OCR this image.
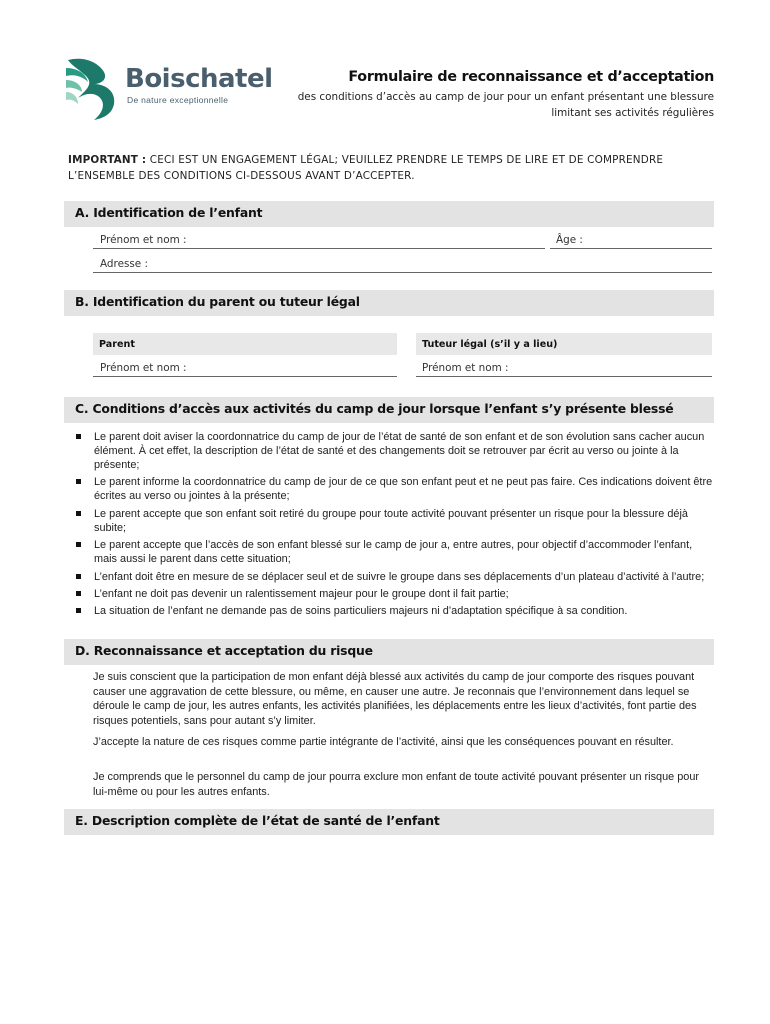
Boischatel
De nature exceptionnelle
Formulaire de reconnaissance et d’acceptation
des conditions d’accès au camp de jour pour un enfant présentant une blessure limitant ses activités régulières
IMPORTANT : CECI EST UN ENGAGEMENT LÉGAL; VEUILLEZ PRENDRE LE TEMPS DE LIRE ET DE COMPRENDRE L’ENSEMBLE DES CONDITIONS CI-DESSOUS AVANT D’ACCEPTER.
A. Identification de l’enfant
Prénom et nom :	Âge :
Adresse :
B. Identification du parent ou tuteur légal
Parent	Tuteur légal (s’il y a lieu)
Prénom et nom :	Prénom et nom :
C. Conditions d’accès aux activités du camp de jour lorsque l’enfant s’y présente blessé
Le parent doit aviser la coordonnatrice du camp de jour de l’état de santé de son enfant et de son évolution sans cacher aucun élément. À cet effet, la description de l’état de santé et des changements doit se retrouver par écrit au verso ou jointe à la présente;
Le parent informe la coordonnatrice du camp de jour de ce que son enfant peut et ne peut pas faire. Ces indications doivent être écrites au verso ou jointes à la présente;
Le parent accepte que son enfant soit retiré du groupe pour toute activité pouvant présenter un risque pour la blessure déjà subite;
Le parent accepte que l’accès de son enfant blessé sur le camp de jour a, entre autres, pour objectif d’accommoder l’enfant, mais aussi le parent dans cette situation;
L’enfant doit être en mesure de se déplacer seul et de suivre le groupe dans ses déplacements d’un plateau d’activité à l’autre;
L’enfant ne doit pas devenir un ralentissement majeur pour le groupe dont il fait partie;
La situation de l’enfant ne demande pas de soins particuliers majeurs ni d’adaptation spécifique à sa condition.
D. Reconnaissance et acceptation du risque

Je suis conscient que la participation de mon enfant déjà blessé aux activités du camp de jour comporte des risques pouvant causer une aggravation de cette blessure, ou même, en causer une autre. Je reconnais que l’environnement dans lequel se déroule le camp de jour, les autres enfants, les activités planifiées, les déplacements entre les lieux d’activités, font partie des risques potentiels, sans pour autant s’y limiter.

J’accepte la nature de ces risques comme partie intégrante de l’activité, ainsi que les conséquences pouvant en résulter.

Je comprends que le personnel du camp de jour pourra exclure mon enfant de toute activité pouvant présenter un risque pour lui-même ou pour les autres enfants.

E. Description complète de l’état de santé de l’enfant
